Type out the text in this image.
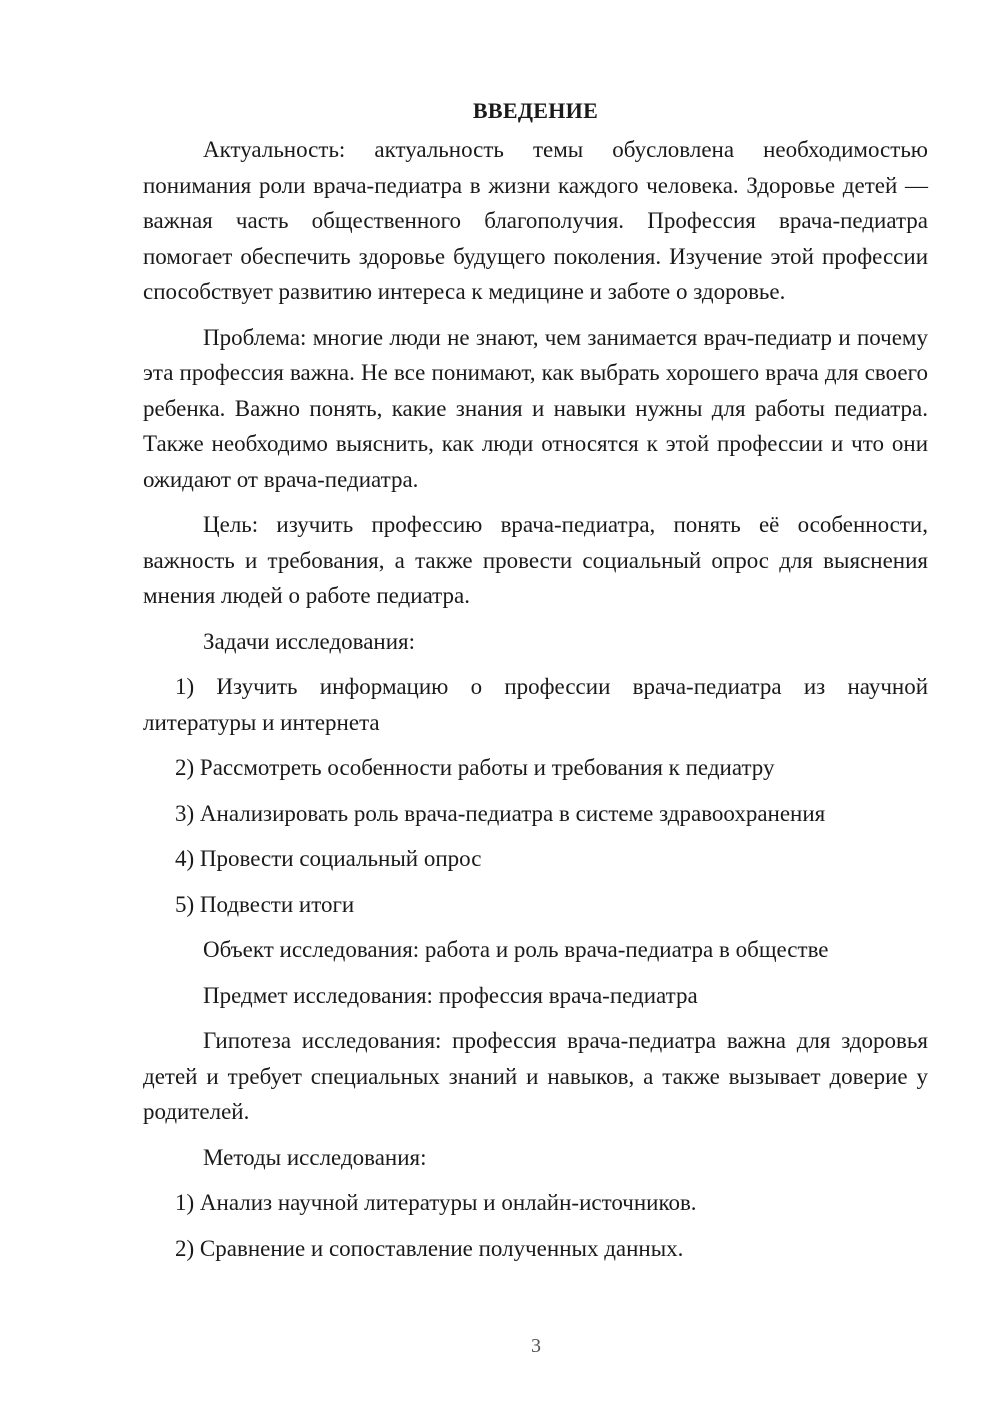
ВВЕДЕНИЕ

Актуальность: актуальность темы обусловлена необходимостью понимания роли врача-педиатра в жизни каждого человека. Здоровье детей — важная часть общественного благополучия. Профессия врача-педиатра помогает обеспечить здоровье будущего поколения. Изучение этой профессии способствует развитию интереса к медицине и заботе о здоровье.

Проблема: многие люди не знают, чем занимается врач-педиатр и почему эта профессия важна. Не все понимают, как выбрать хорошего врача для своего ребенка. Важно понять, какие знания и навыки нужны для работы педиатра. Также необходимо выяснить, как люди относятся к этой профессии и что они ожидают от врача-педиатра.

Цель: изучить профессию врача-педиатра, понять её особенности, важность и требования, а также провести социальный опрос для выяснения мнения людей о работе педиатра.

Задачи исследования:

1) Изучить информацию о профессии врача-педиатра из научной литературы и интернета

2) Рассмотреть особенности работы и требования к педиатру

3) Анализировать роль врача-педиатра в системе здравоохранения

4) Провести социальный опрос

5) Подвести итоги

Объект исследования: работа и роль врача-педиатра в обществе

Предмет исследования: профессия врача-педиатра

Гипотеза исследования: профессия врача-педиатра важна для здоровья детей и требует специальных знаний и навыков, а также вызывает доверие у родителей.

Методы исследования:

1) Анализ научной литературы и онлайн-источников.

2) Сравнение и сопоставление полученных данных.

3
